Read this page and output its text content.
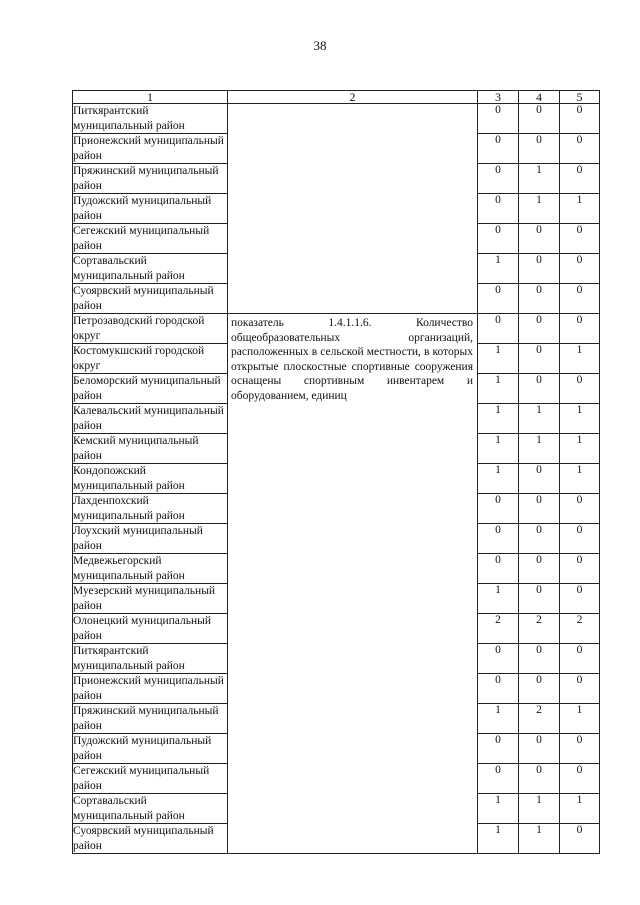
38
1	2	3	4	5
Питкярантский муниципальный район		0	0	0
Прионежский муниципальный район		0	0	0
Пряжинский муниципальный район		0	1	0
Пудожский муниципальный район		0	1	1
Сегежский муниципальный район		0	0	0
Сортавальский муниципальный район		1	0	0
Суоярвский муниципальный район		0	0	0
Петрозаводский городской округ	показатель 1.4.1.1.6. Количество общеобразовательных организаций, расположенных в сельской местности, в которых открытые плоскостные спортивные сооружения оснащены спортивным инвентарем и оборудованием, единиц	0	0	0
Костомукшский городской округ		1	0	1
Беломорский муниципальный район		1	0	0
Калевальский муниципальный район		1	1	1
Кемский муниципальный район		1	1	1
Кондопожский муниципальный район		1	0	1
Лахденпохский муниципальный район		0	0	0
Лоухский муниципальный район		0	0	0
Медвежьегорский муниципальный район		0	0	0
Муезерский муниципальный район		1	0	0
Олонецкий муниципальный район		2	2	2
Питкярантский муниципальный район		0	0	0
Прионежский муниципальный район		0	0	0
Пряжинский муниципальный район		1	2	1
Пудожский муниципальный район		0	0	0
Сегежский муниципальный район		0	0	0
Сортавальский муниципальный район		1	1	1
Суоярвский муниципальный район		1	1	0
